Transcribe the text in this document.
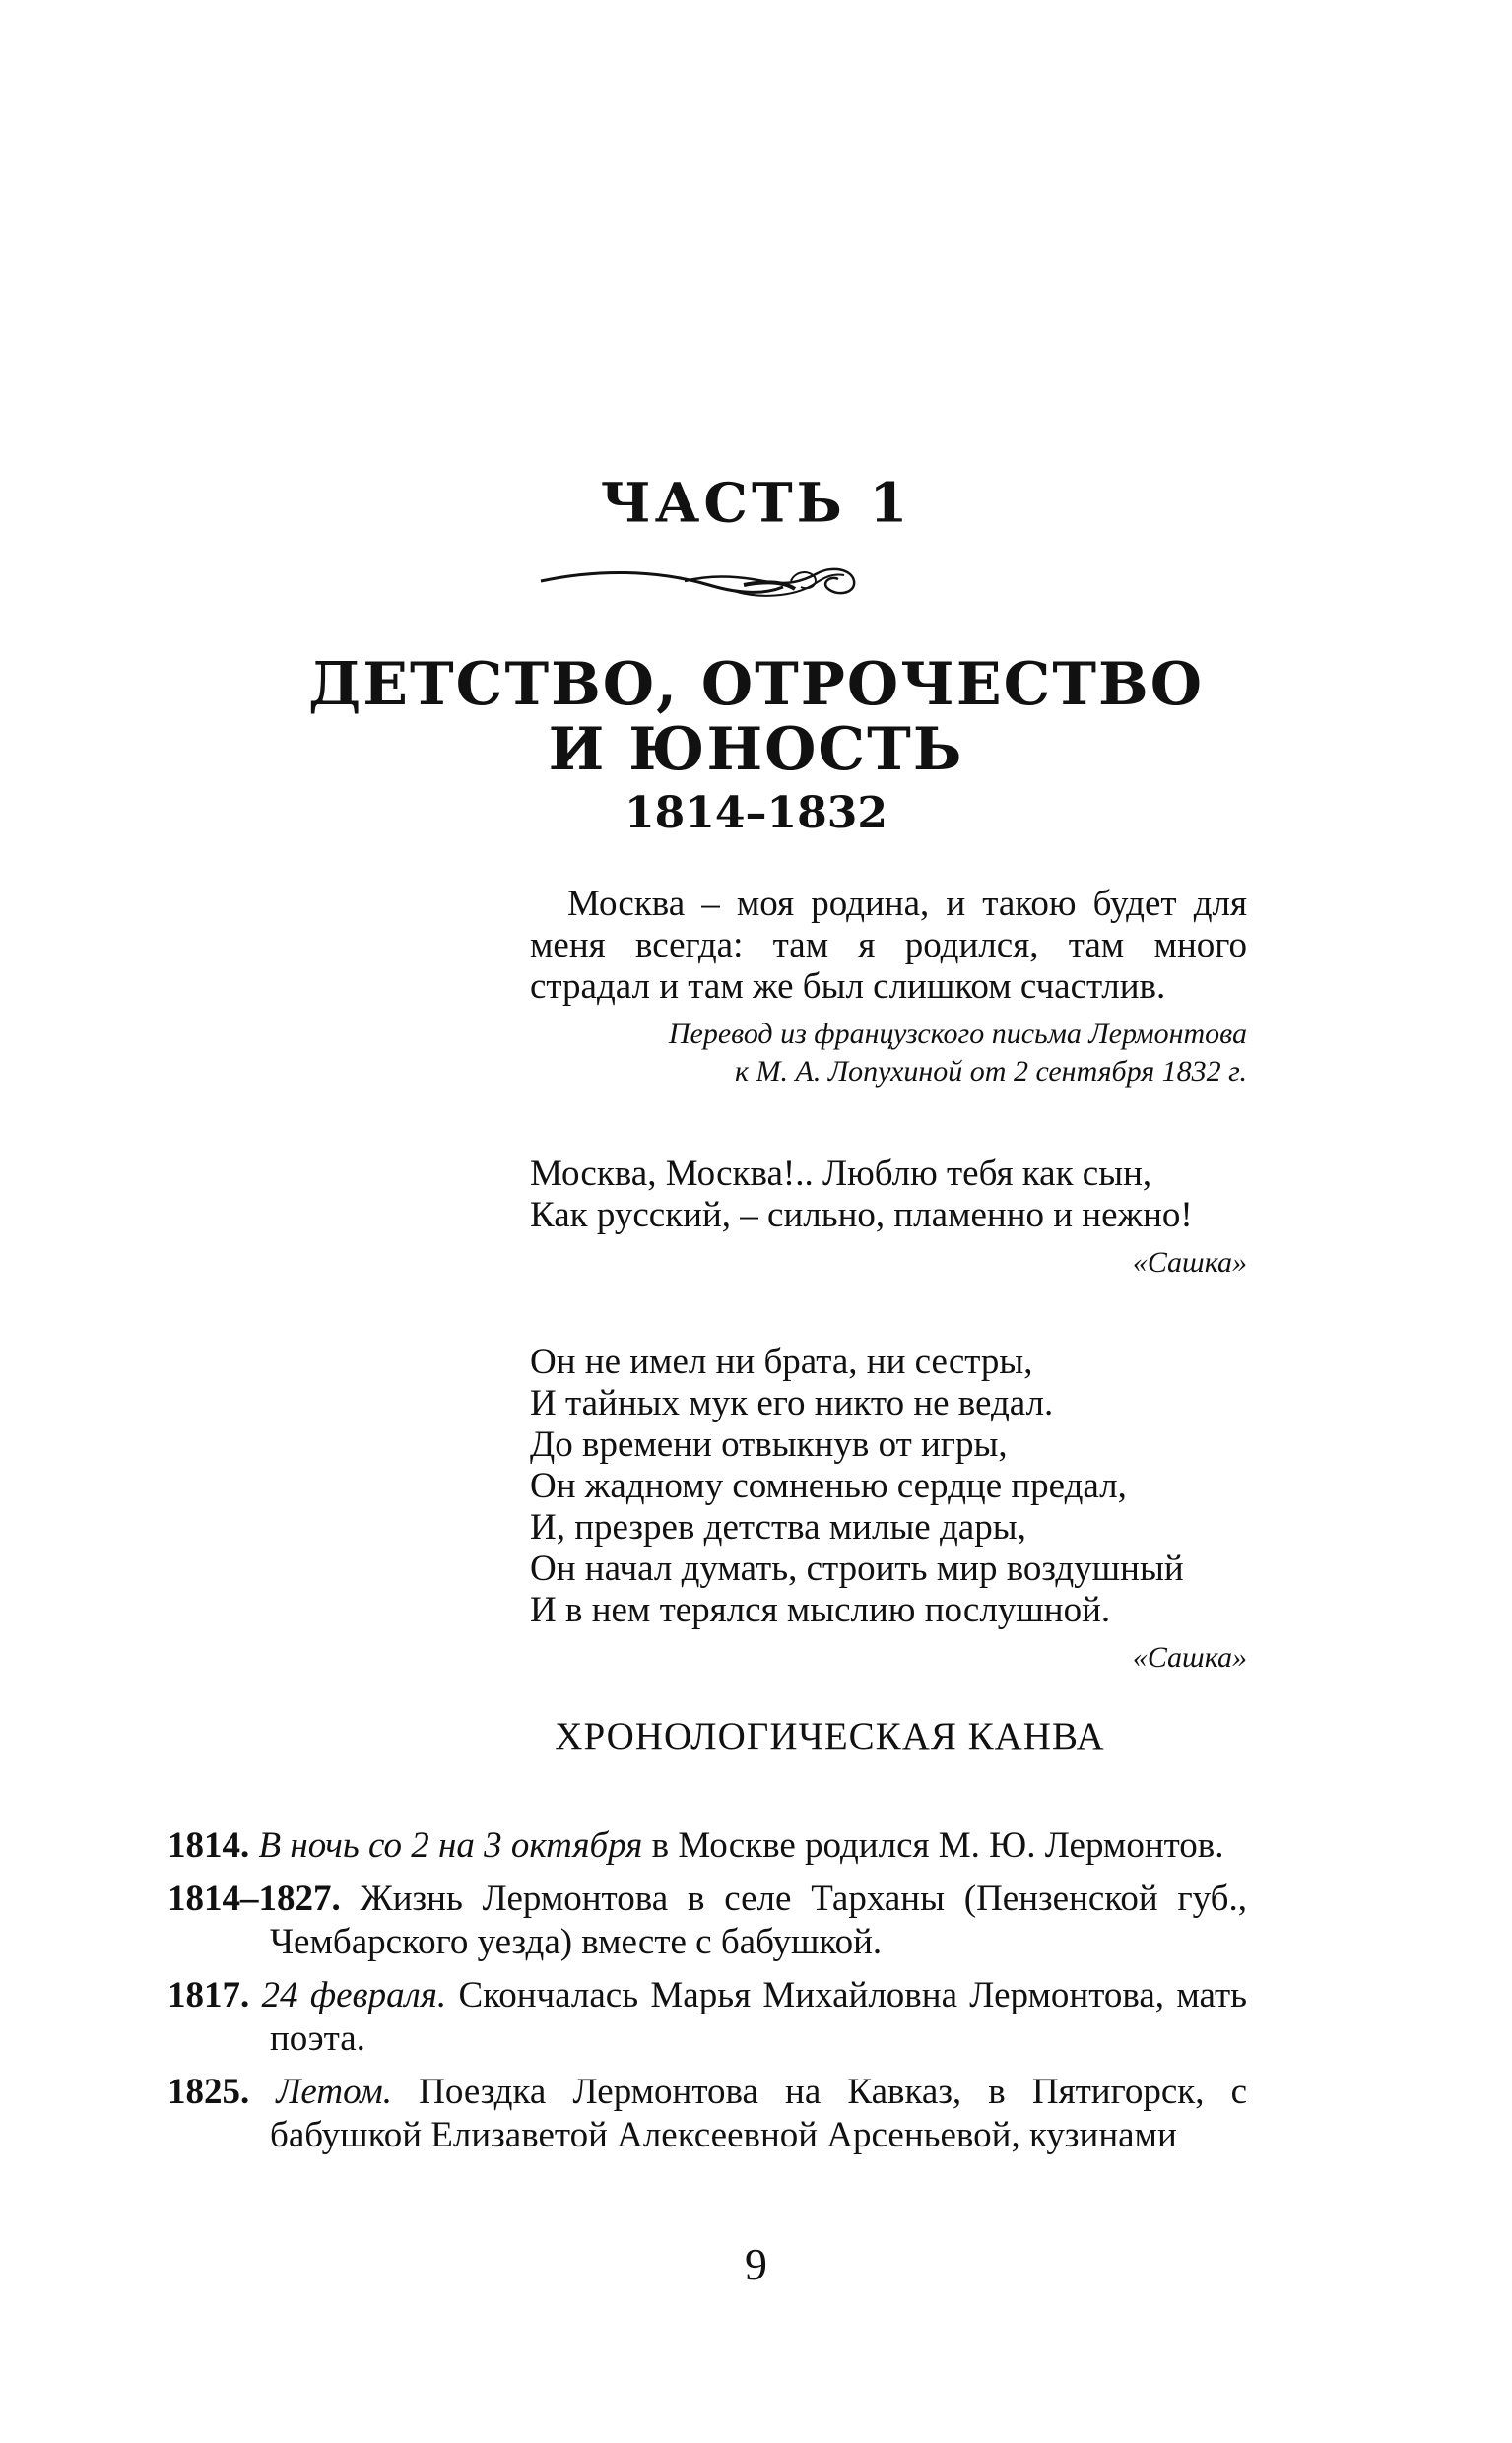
ЧАСТЬ 1
ДЕТСТВО, ОТРОЧЕСТВО
И ЮНОСТЬ
1814–1832

Москва – моя родина, и такою будет для меня всегда: там я родился, там много страдал и там же был слишком счастлив.

Перевод из французского письма Лермонтова
к М. А. Лопухиной от 2 сентября 1832 г.
Москва, Москва!.. Люблю тебя как сын,
Как русский, – сильно, пламенно и нежно!
«Сашка»
Он не имел ни брата, ни сестры,
И тайных мук его никто не ведал.
До времени отвыкнув от игры,
Он жадному сомненью сердце предал,
И, презрев детства милые дары,
Он начал думать, строить мир воздушный
И в нем терялся мыслию послушной.
«Сашка»
ХРОНОЛОГИЧЕСКАЯ КАНВА

1814. В ночь со 2 на 3 октября в Москве родился М. Ю. Лермонтов.

1814–1827. Жизнь Лермонтова в селе Тарханы (Пензенской губ., Чембарского уезда) вместе с бабушкой.

1817. 24 февраля. Скончалась Марья Михайловна Лермонтова, мать поэта.

1825. Летом. Поездка Лермонтова на Кавказ, в Пятигорск, с бабушкой Елизаветой Алексеевной Арсеньевой, кузинами

9
